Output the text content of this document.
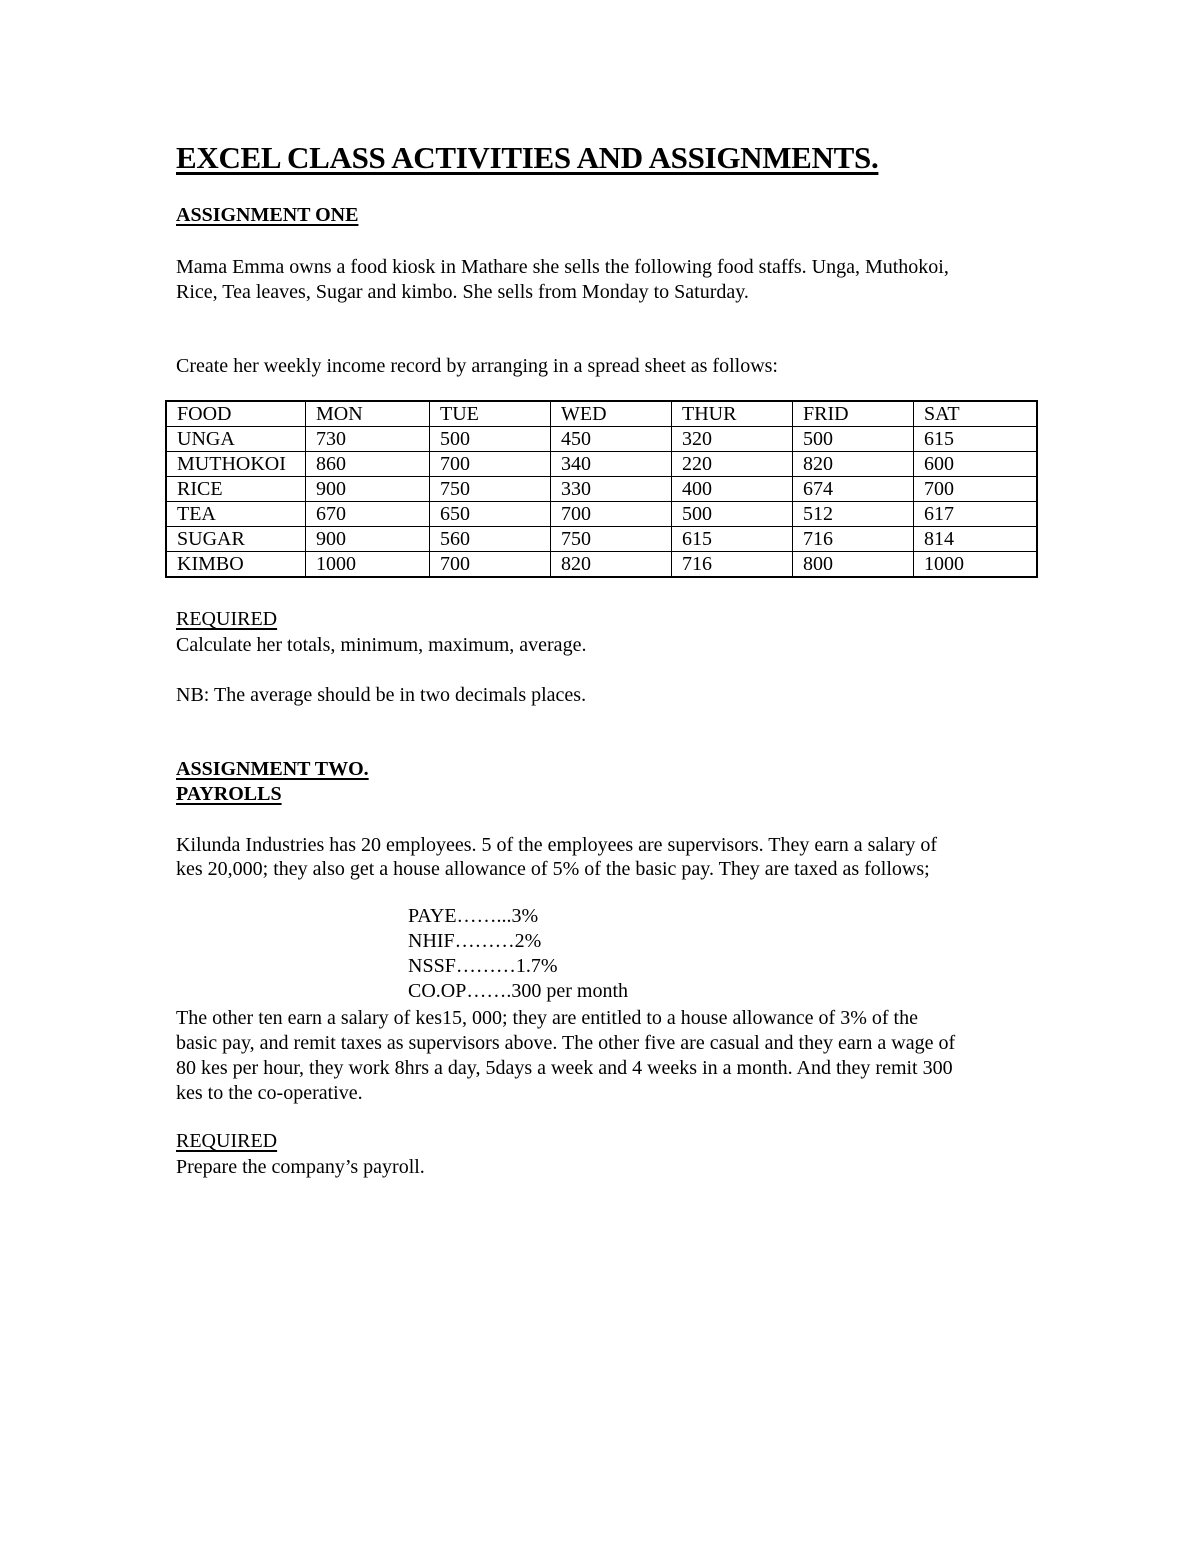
EXCEL CLASS ACTIVITIES AND ASSIGNMENTS.
ASSIGNMENT ONE
Mama Emma owns a food kiosk in Mathare she sells the following food staffs. Unga, Muthokoi,
Rice, Tea leaves, Sugar and kimbo. She sells from Monday to Saturday.
Create her weekly income record by arranging in a spread sheet as follows:
FOOD	MON	TUE	WED	THUR	FRID	SAT
UNGA	730	500	450	320	500	615
MUTHOKOI	860	700	340	220	820	600
RICE	900	750	330	400	674	700
TEA	670	650	700	500	512	617
SUGAR	900	560	750	615	716	814
KIMBO	1000	700	820	716	800	1000
REQUIRED
Calculate her totals, minimum, maximum, average.
NB: The average should be in two decimals places.
ASSIGNMENT TWO.
PAYROLLS
Kilunda Industries has 20 employees. 5 of the employees are supervisors. They earn a salary of
kes 20,000; they also get a house allowance of 5% of the basic pay. They are taxed as follows;
PAYE……...3%
NHIF………2%
NSSF………1.7%
CO.OP…….300 per month
The other ten earn a salary of kes15, 000; they are entitled to a house allowance of 3% of the
basic pay, and remit taxes as supervisors above. The other five are casual and they earn a wage of
80 kes per hour, they work 8hrs a day, 5days a week and 4 weeks in a month. And they remit 300
kes to the co-operative.
REQUIRED
Prepare the company’s payroll.
